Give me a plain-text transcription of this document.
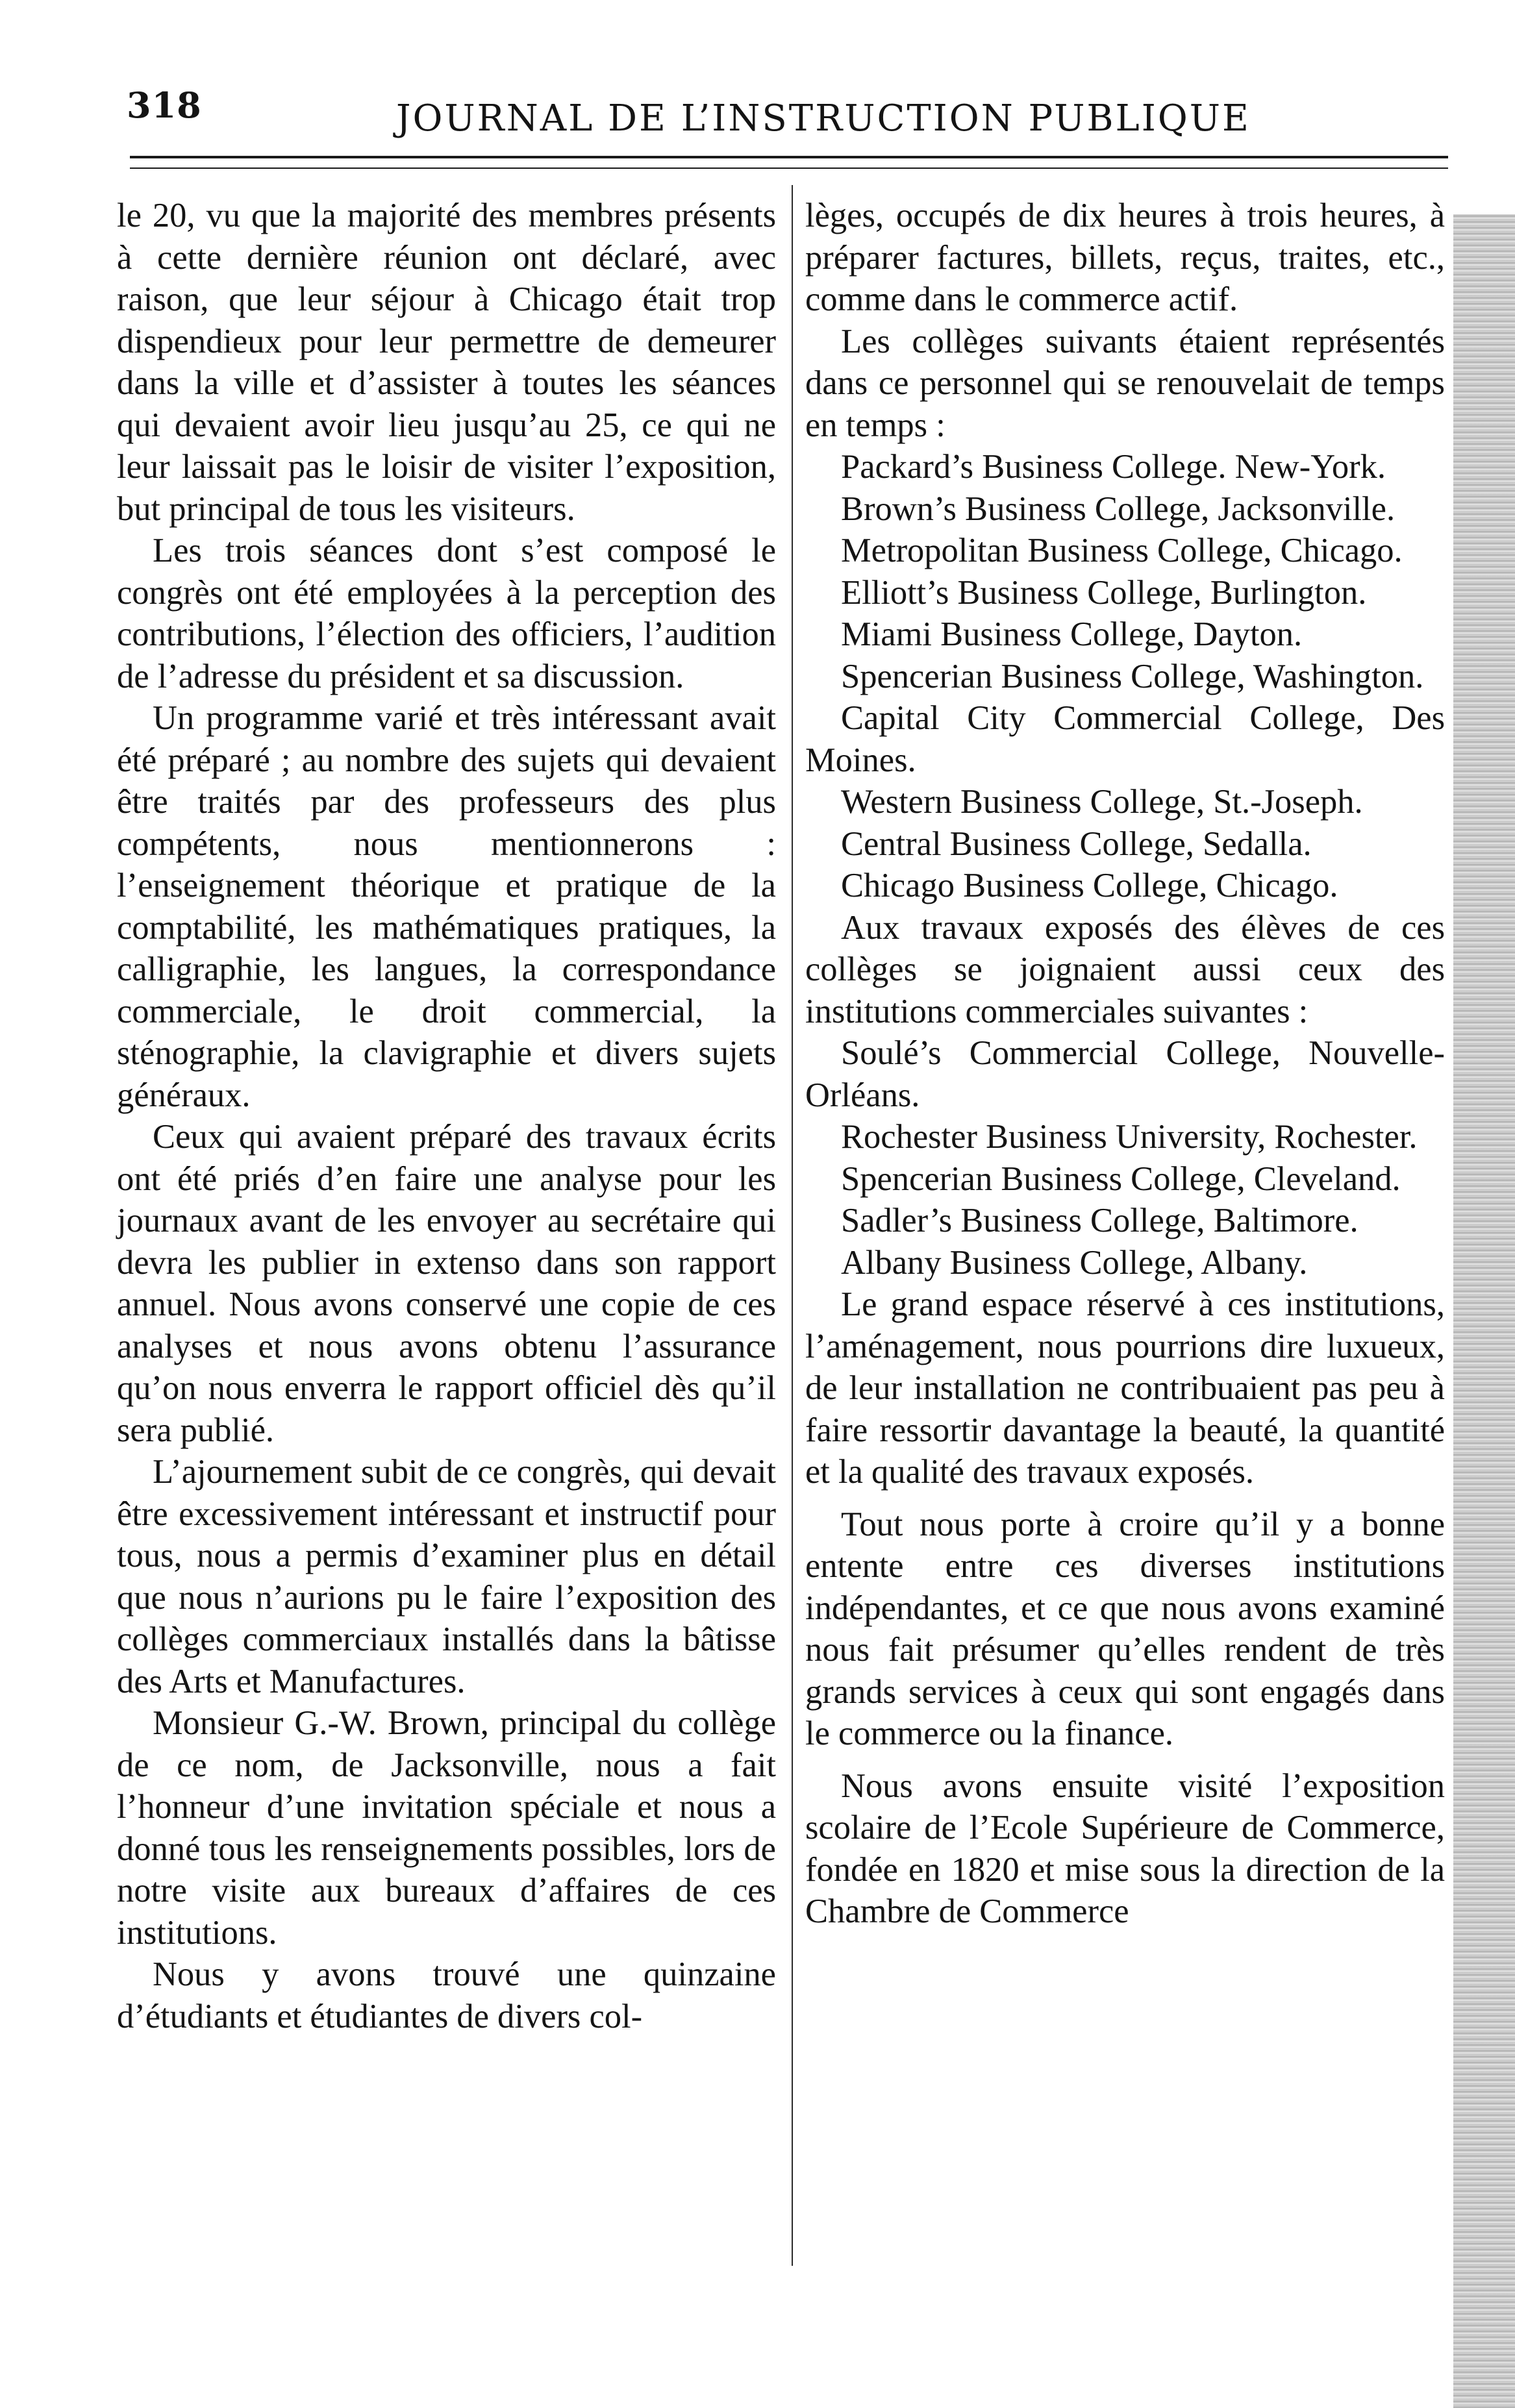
318	JOURNAL DE L’INSTRUCTION PUBLIQUE

le 20, vu que la majorité des membres présents à cette dernière réunion ont déclaré, avec raison, que leur séjour à Chicago était trop dispendieux pour leur permettre de demeurer dans la ville et d’assister à toutes les séances qui devaient avoir lieu jusqu’au 25, ce qui ne leur laissait pas le loisir de visiter l’exposition, but principal de tous les visiteurs.

Les trois séances dont s’est composé le congrès ont été employées à la perception des contributions, l’élection des officiers, l’audition de l’adresse du président et sa discussion.

Un programme varié et très intéressant avait été préparé ; au nombre des sujets qui devaient être traités par des professeurs des plus compétents, nous mentionnerons : l’enseignement théorique et pratique de la comptabilité, les mathématiques pratiques, la calligraphie, les langues, la correspondance commerciale, le droit commercial, la sténographie, la clavigraphie et divers sujets généraux.

Ceux qui avaient préparé des travaux écrits ont été priés d’en faire une analyse pour les journaux avant de les envoyer au secrétaire qui devra les publier in extenso dans son rapport annuel. Nous avons conservé une copie de ces analyses et nous avons obtenu l’assurance qu’on nous enverra le rapport officiel dès qu’il sera publié.

L’ajournement subit de ce congrès, qui devait être excessivement intéressant et instructif pour tous, nous a permis d’examiner plus en détail que nous n’aurions pu le faire l’exposition des collèges commerciaux installés dans la bâtisse des Arts et Manufactures.

Monsieur G.-W. Brown, principal du collège de ce nom, de Jacksonville, nous a fait l’honneur d’une invitation spéciale et nous a donné tous les renseignements possibles, lors de notre visite aux bureaux d’affaires de ces institutions.

Nous y avons trouvé une quinzaine d’étudiants et étudiantes de divers col-

lèges, occupés de dix heures à trois heures, à préparer factures, billets, reçus, traites, etc., comme dans le commerce actif.

Les collèges suivants étaient représentés dans ce personnel qui se renouvelait de temps en temps :

Packard’s Business College. New-York.

Brown’s Business College, Jacksonville.

Metropolitan Business College, Chicago.

Elliott’s Business College, Burlington.

Miami Business College, Dayton.

Spencerian Business College, Washington.

Capital City Commercial College, Des Moines.

Western Business College, St.-Joseph.

Central Business College, Sedalla.

Chicago Business College, Chicago.

Aux travaux exposés des élèves de ces collèges se joignaient aussi ceux des institutions commerciales suivantes :

Soulé’s Commercial College, Nouvelle-Orléans.

Rochester Business University, Rochester.

Spencerian Business College, Cleveland.

Sadler’s Business College, Baltimore.

Albany Business College, Albany.

Le grand espace réservé à ces institutions, l’aménagement, nous pourrions dire luxueux, de leur installation ne contribuaient pas peu à faire ressortir davantage la beauté, la quantité et la qualité des travaux exposés.

Tout nous porte à croire qu’il y a bonne entente entre ces diverses institutions indépendantes, et ce que nous avons examiné nous fait présumer qu’elles rendent de très grands services à ceux qui sont engagés dans le commerce ou la finance.

Nous avons ensuite visité l’exposition scolaire de l’Ecole Supérieure de Commerce, fondée en 1820 et mise sous la direction de la Chambre de Commerce
